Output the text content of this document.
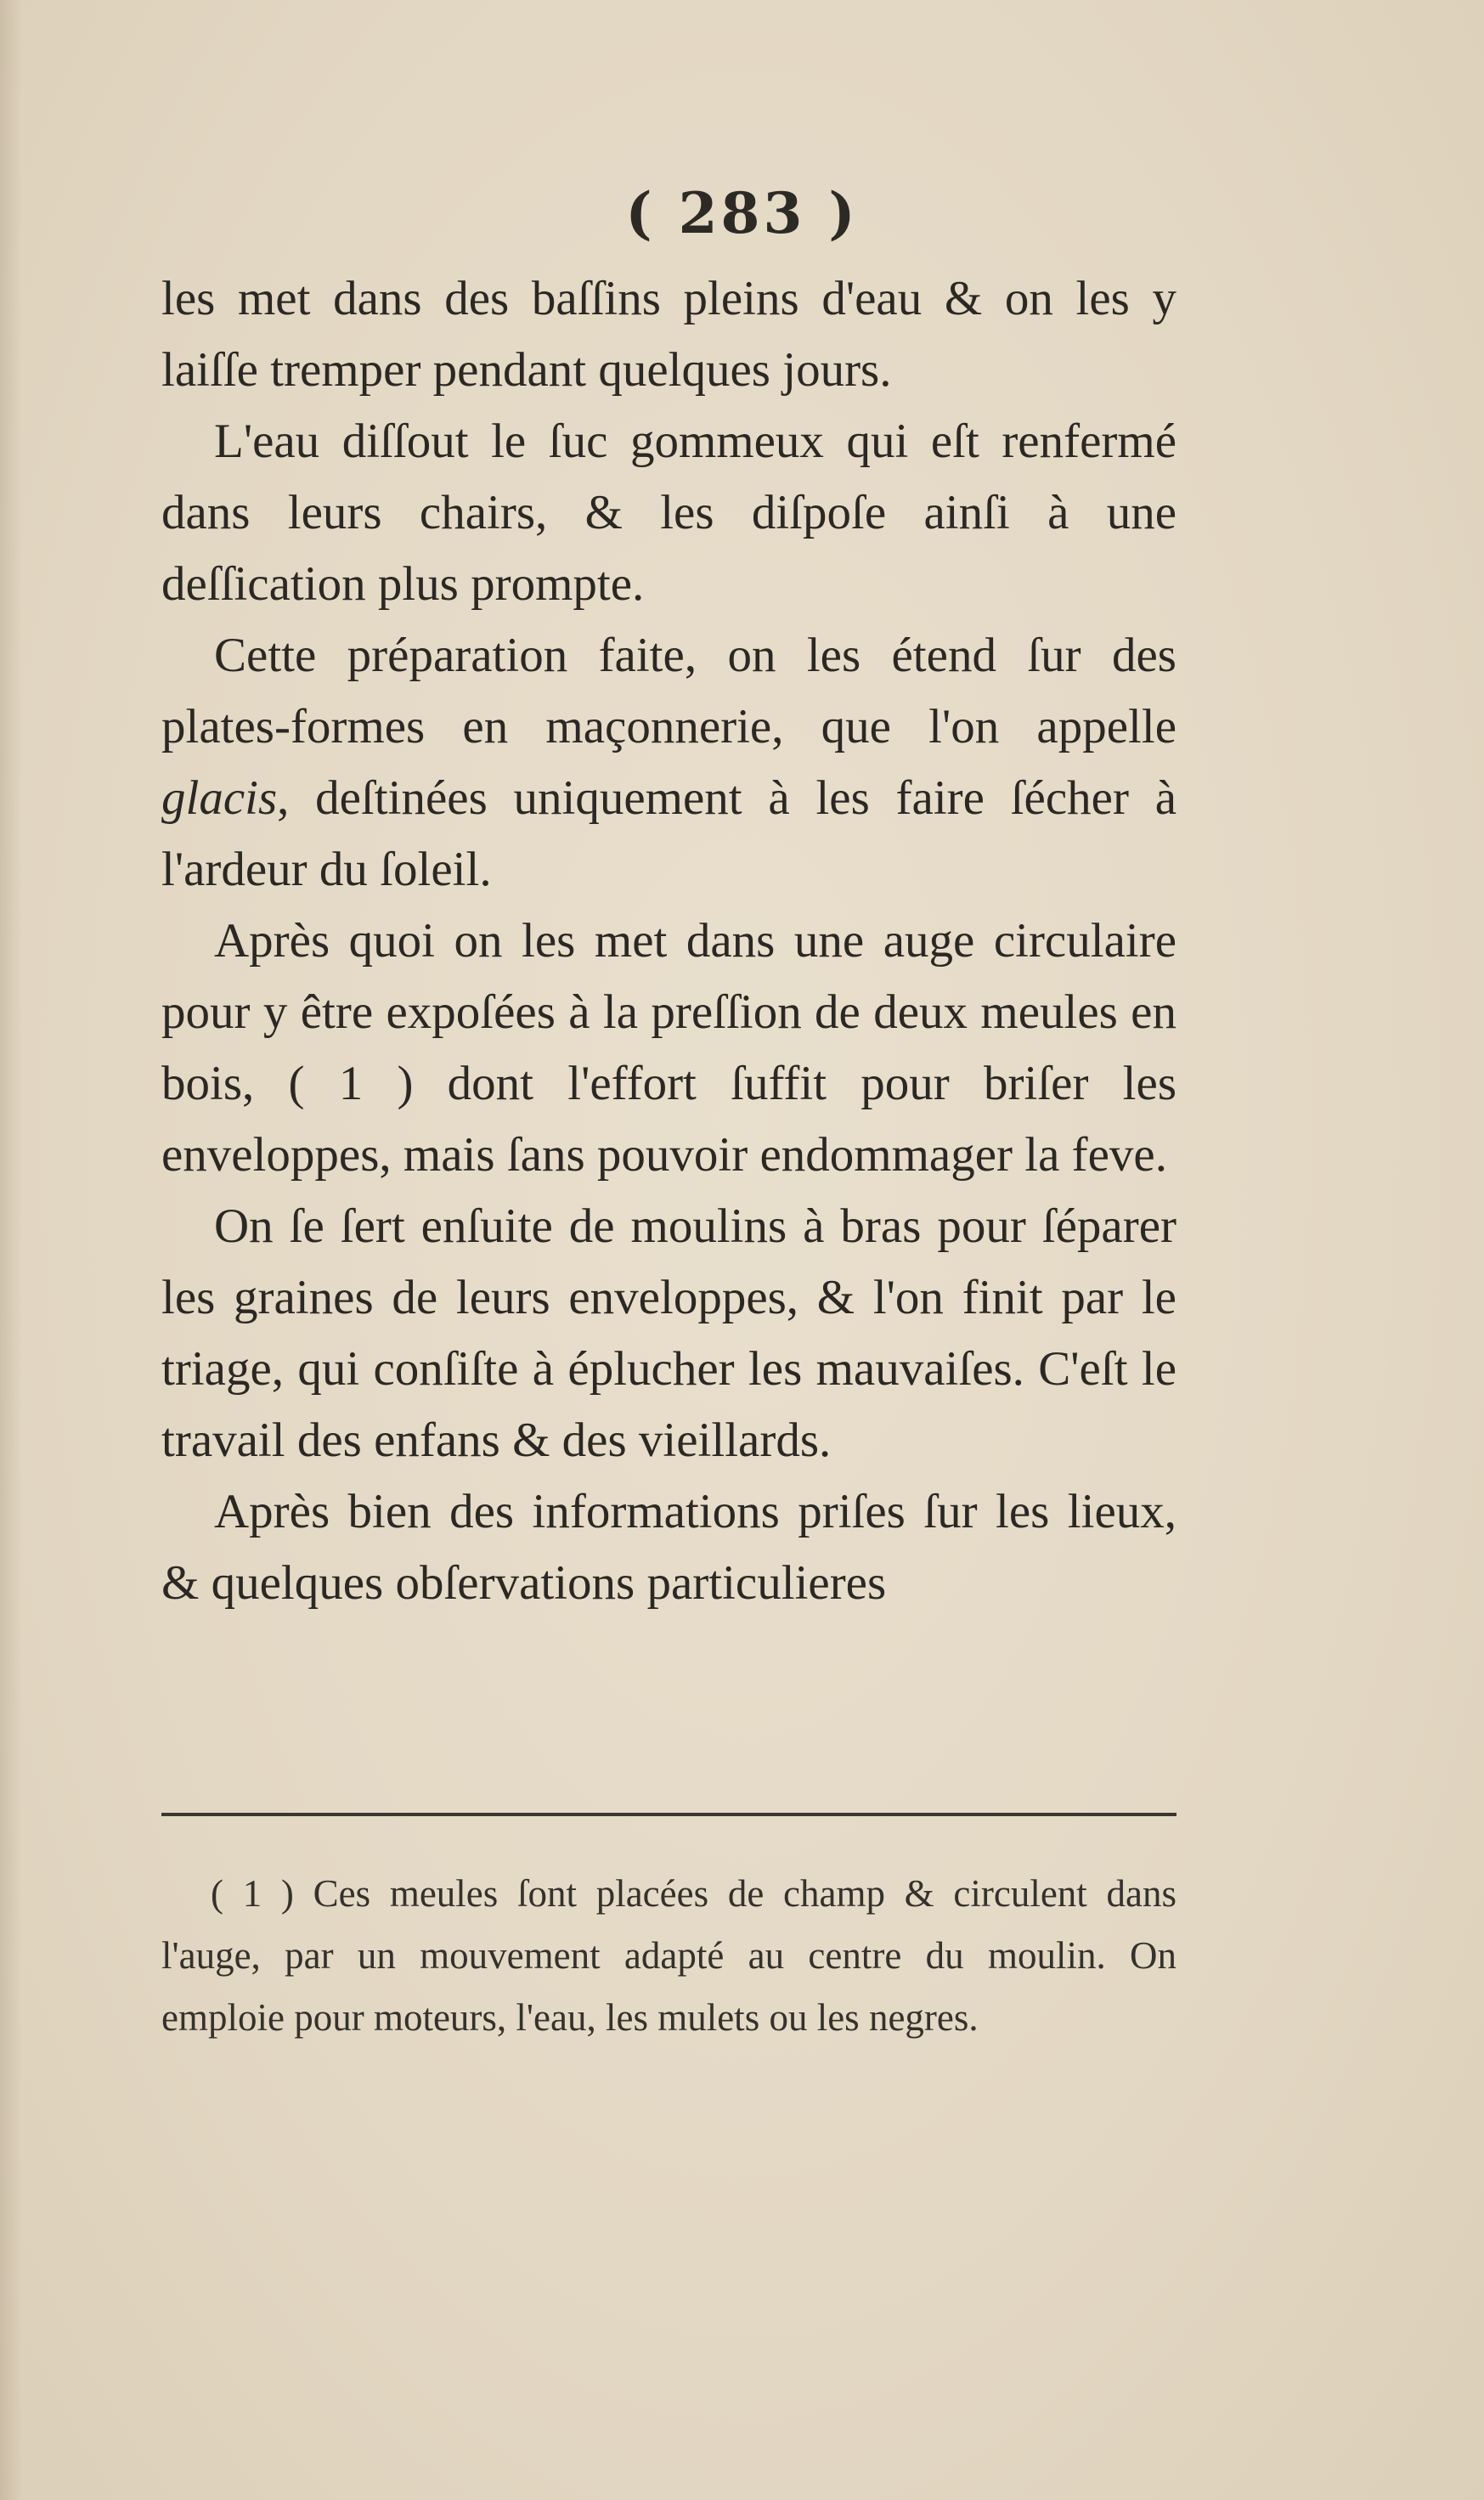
( 283 )

les met dans des baſſins pleins d'eau & on les y laiſſe tremper pendant quelques jours.

L'eau diſſout le ſuc gommeux qui eſt renfermé dans leurs chairs, & les diſpoſe ainſi à une deſſication plus prompte.

Cette préparation faite, on les étend ſur des plates-formes en maçonnerie, que l'on appelle glacis, deſtinées uniquement à les faire ſécher à l'ardeur du ſoleil.

Après quoi on les met dans une auge circulaire pour y être expoſées à la preſſion de deux meules en bois, ( 1 ) dont l'effort ſuffit pour briſer les enveloppes, mais ſans pouvoir endommager la feve.

On ſe ſert enſuite de moulins à bras pour ſéparer les graines de leurs enveloppes, & l'on finit par le triage, qui conſiſte à éplucher les mauvaiſes. C'eſt le travail des enfans & des vieillards.

Après bien des informations priſes ſur les lieux, & quelques obſervations particulieres

( 1 ) Ces meules ſont placées de champ & circulent dans l'auge, par un mouvement adapté au centre du moulin. On emploie pour moteurs, l'eau, les mulets ou les negres.
